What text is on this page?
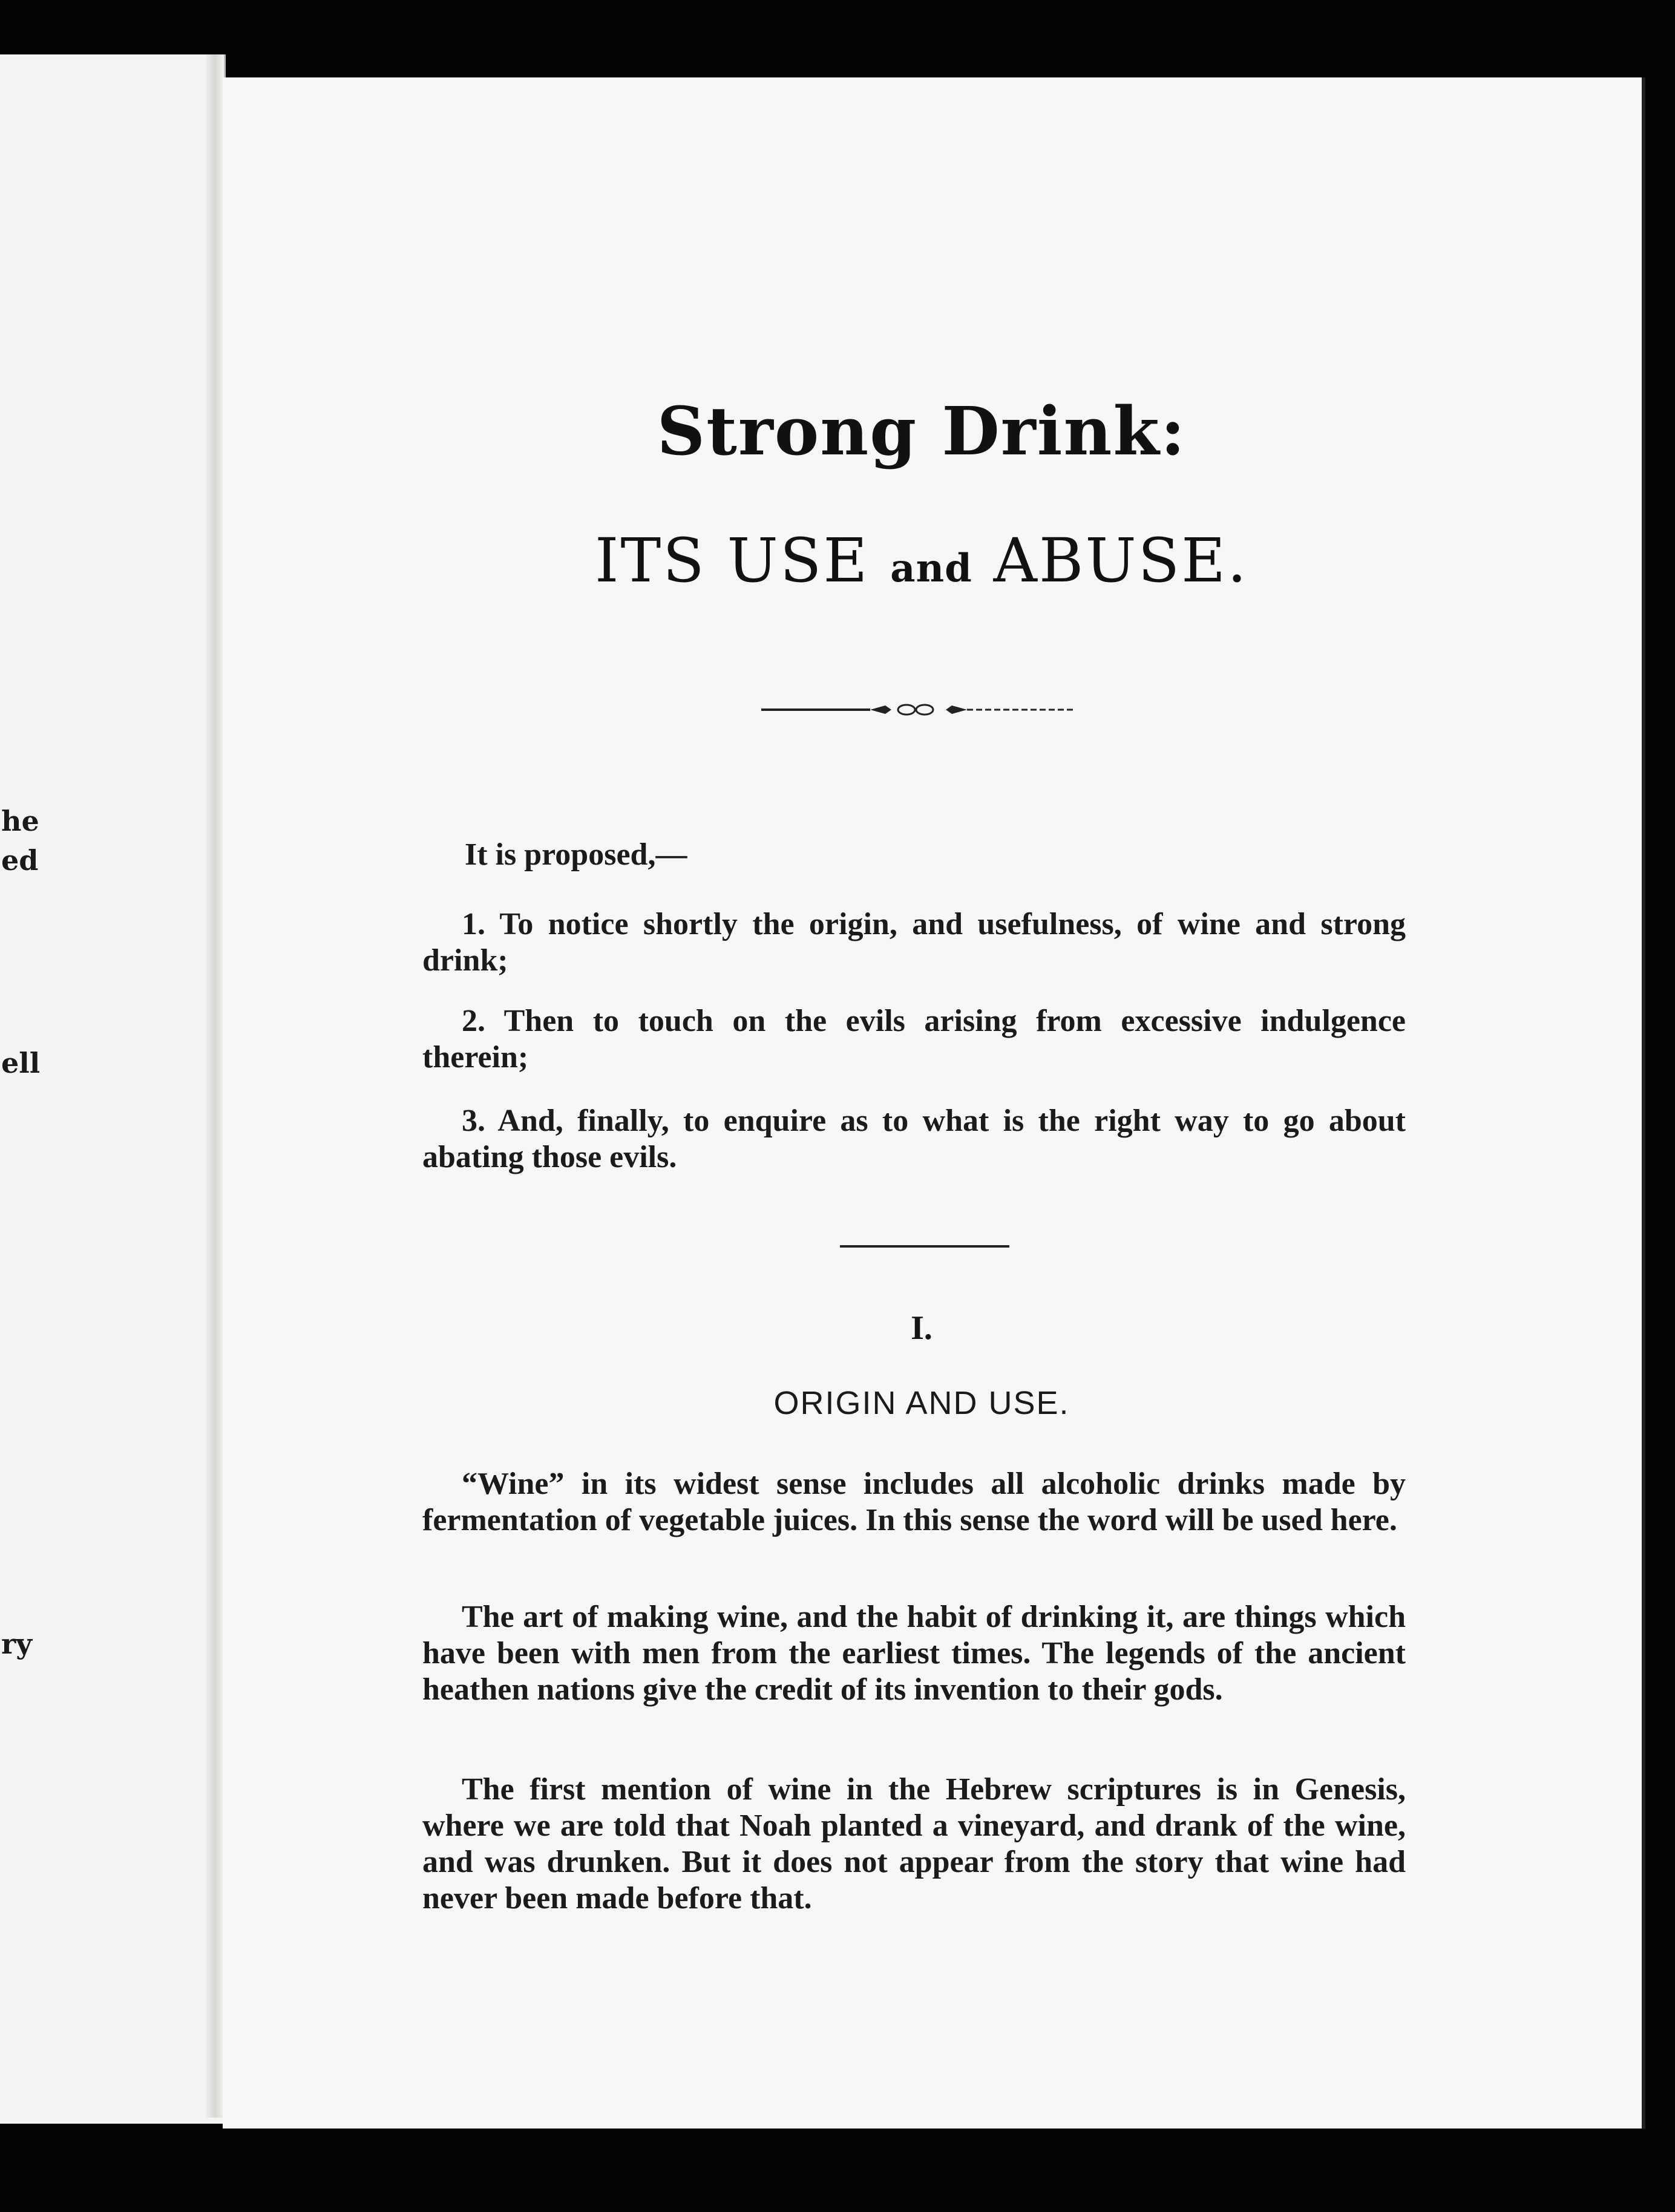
he
ed
ell
ry
Strong Drink:
ITS USE and ABUSE.
It is proposed,—
1. To notice shortly the origin, and usefulness, of wine and strong drink;
2. Then to touch on the evils arising from excessive indulgence therein;
3. And, finally, to enquire as to what is the right way to go about abating those evils.
I.
ORIGIN AND USE.
“Wine” in its widest sense includes all alcoholic drinks made by fermentation of vegetable juices. In this sense the word will be used here.
The art of making wine, and the habit of drinking it, are things which have been with men from the earliest times. The legends of the ancient heathen nations give the credit of its invention to their gods.
The first mention of wine in the Hebrew scriptures is in Genesis, where we are told that Noah planted a vineyard, and drank of the wine, and was drunken. But it does not appear from the story that wine had never been made before that.
